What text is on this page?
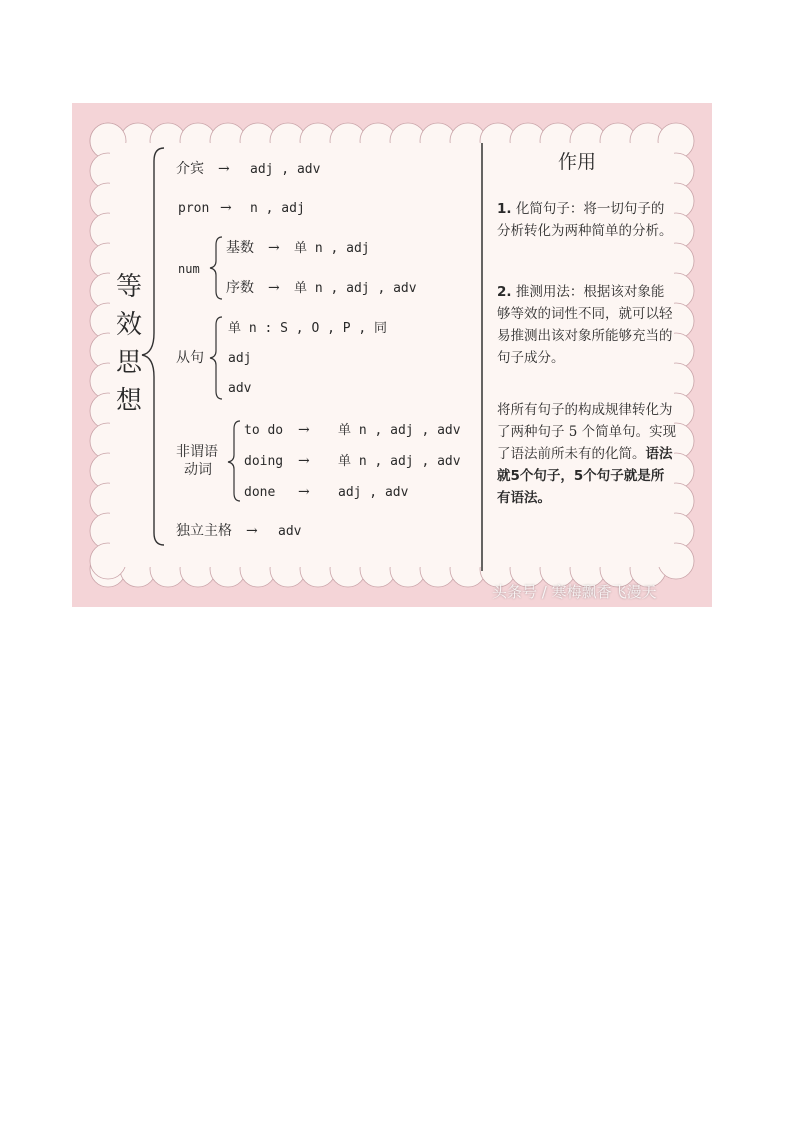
等
效
思
想
介宾 → adj , adv
pron → n , adj
num
基数 → 单 n , adj
序数 → 单 n , adj , adv
从句
单 n : S , O , P , 同
adj
adv
非谓语
动词
to do → 单 n , adj , adv
doing → 单 n , adj , adv
done → adj , adv
独立主格 → adv
作用
1. 化简句子：将一切句子的分析转化为两种简单的分析。
2. 推测用法：根据该对象能够等效的词性不同，就可以轻易推测出该对象所能够充当的句子成分。
将所有句子的构成规律转化为了两种句子 5 个简单句。实现了语法前所未有的化简。语法就5个句子，5个句子就是所有语法。
头条号 / 寒梅飘香飞漫天
